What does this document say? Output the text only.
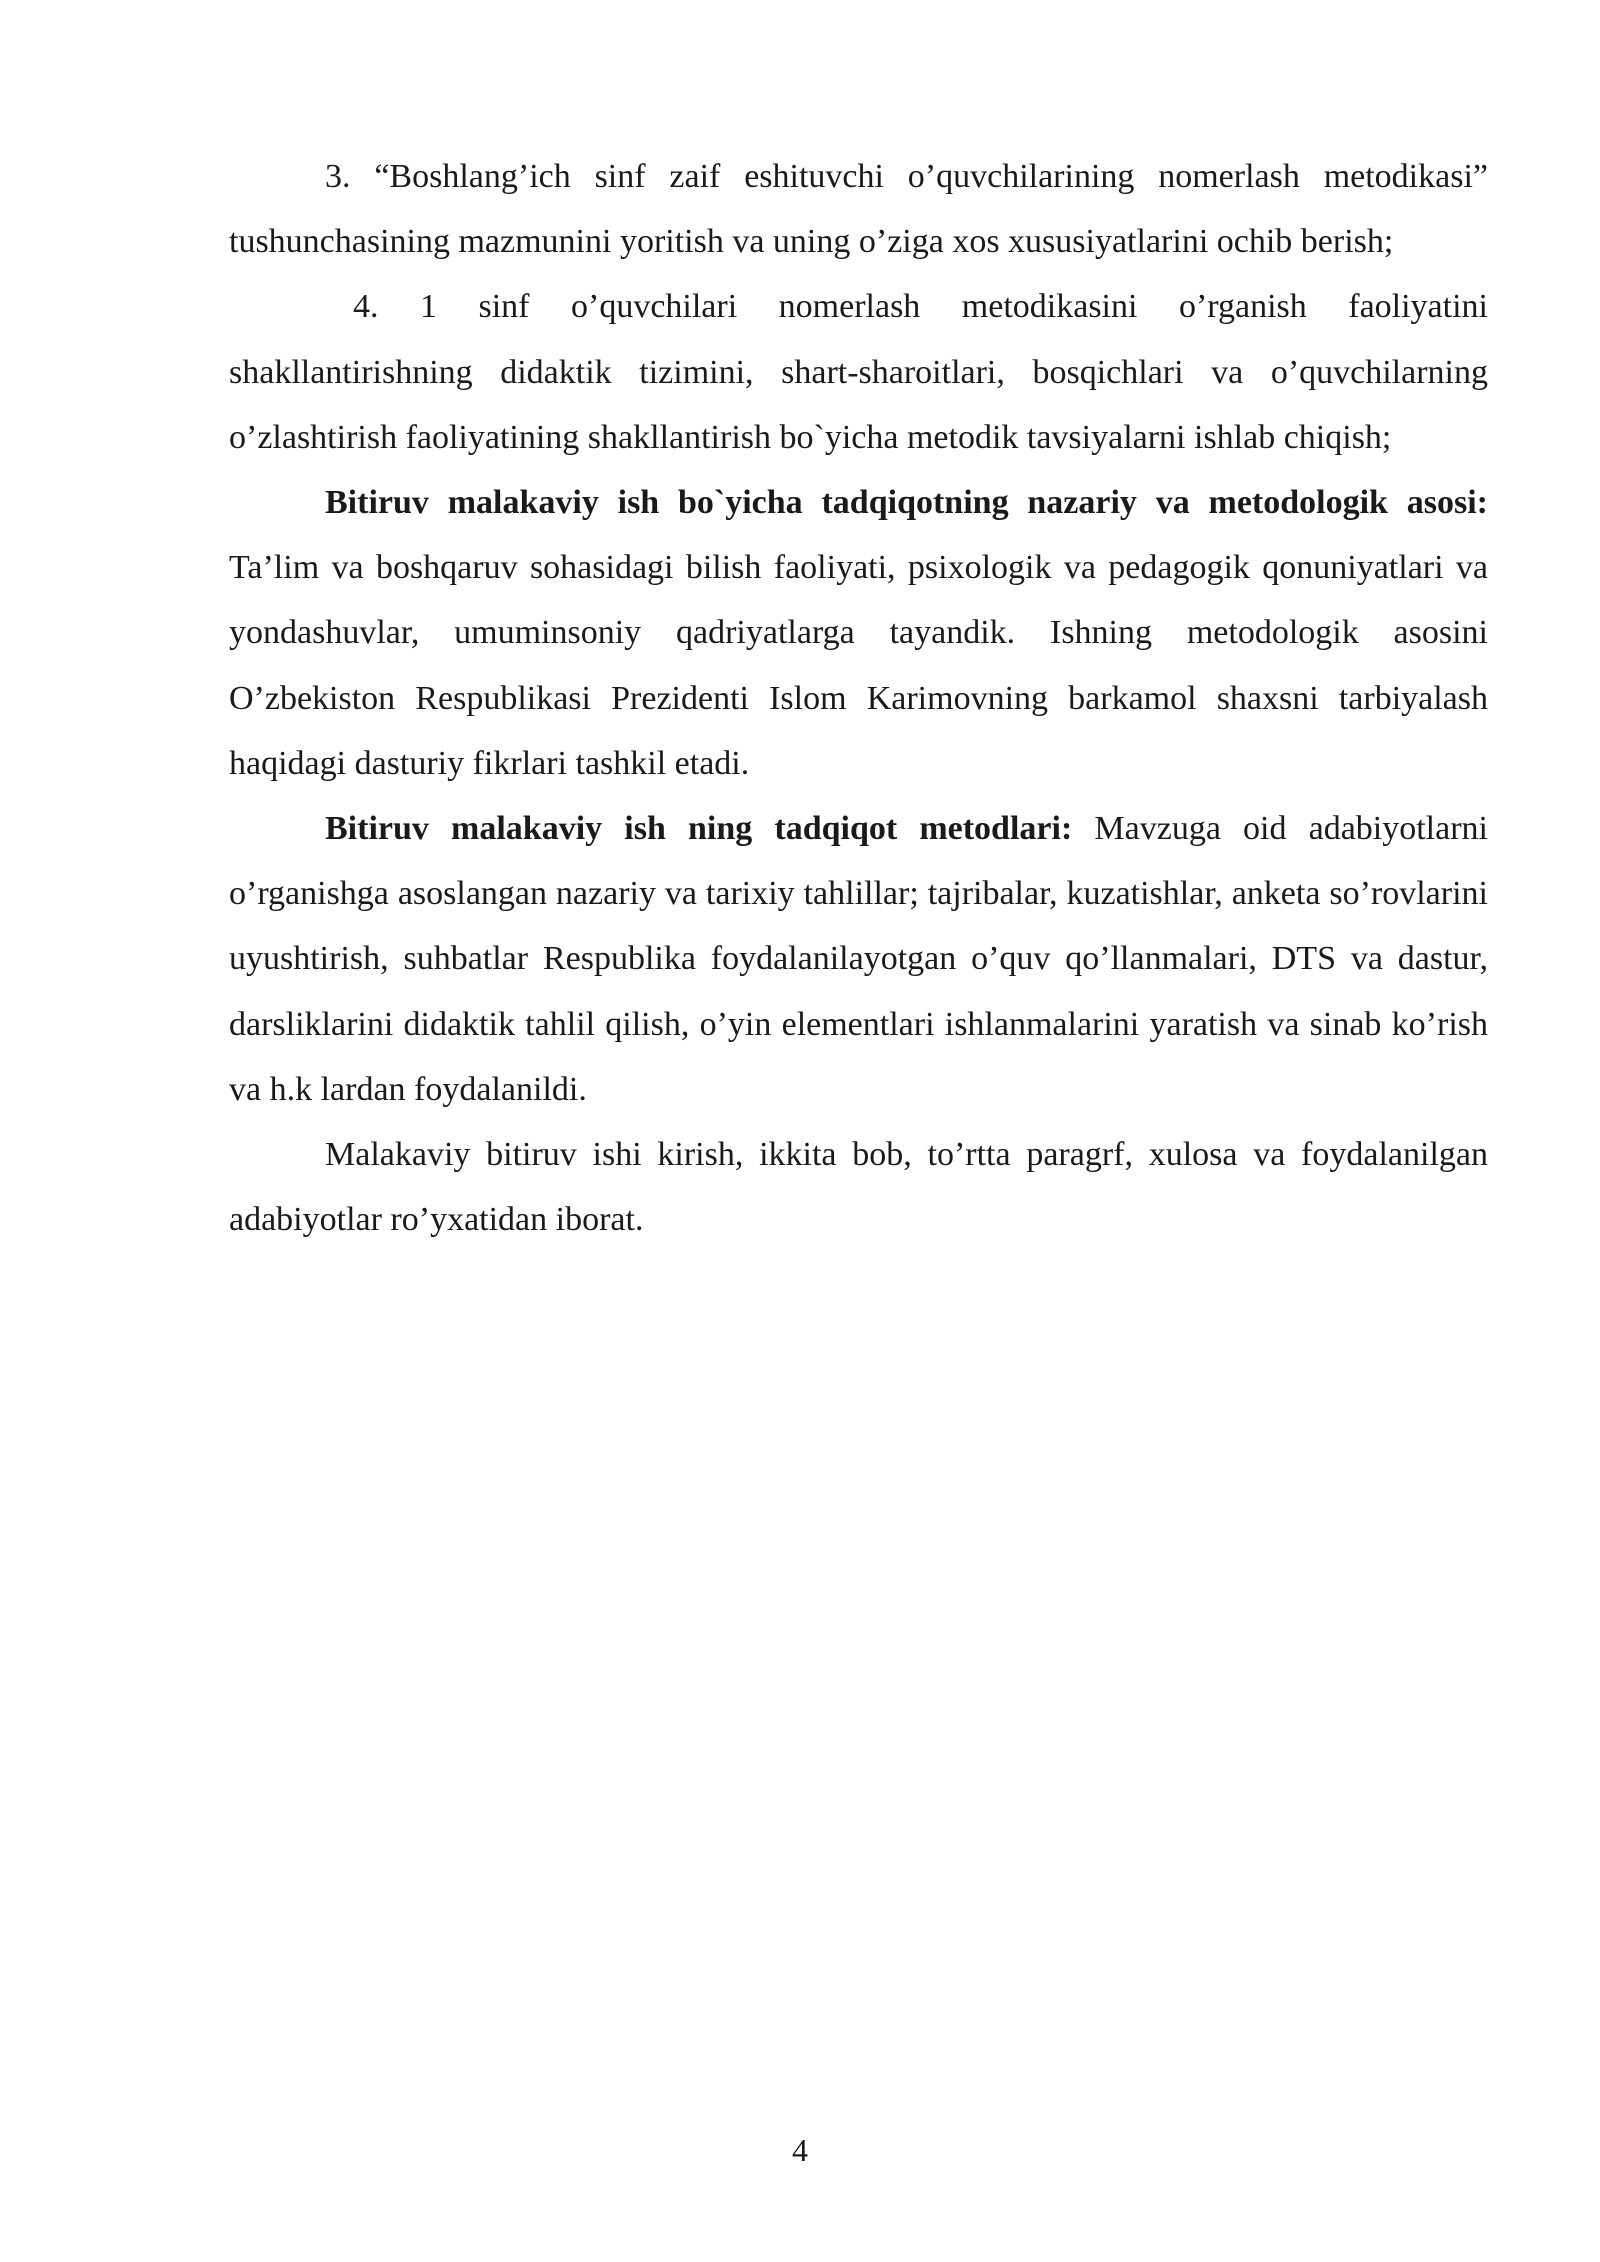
3. “Boshlang’ich sinf zaif eshituvchi o’quvchilarining nomerlash metodikasi” tushunchasining mazmunini yoritish va uning o’ziga xos xususiyatlarini ochib berish;

4. 1 sinf o’quvchilari nomerlash metodikasini o’rganish faoliyatini shakllantirishning didaktik tizimini, shart-sharoitlari, bosqichlari va o’quvchilarning o’zlashtirish faoliyatining shakllantirish bo`yicha metodik tavsiyalarni ishlab chiqish;

Bitiruv malakaviy ish bo`yicha tadqiqotning nazariy va metodologik asosi: Ta’lim va boshqaruv sohasidagi bilish faoliyati, psixologik va pedagogik qonuniyatlari va yondashuvlar, umuminsoniy qadriyatlarga tayandik. Ishning metodologik asosini O’zbekiston Respublikasi Prezidenti Islom Karimovning barkamol shaxsni tarbiyalash haqidagi dasturiy fikrlari tashkil etadi.

Bitiruv malakaviy ish ning tadqiqot metodlari: Mavzuga oid adabiyotlarni o’rganishga asoslangan nazariy va tarixiy tahlillar; tajribalar, kuzatishlar, anketa so’rovlarini uyushtirish, suhbatlar Respublika foydalanilayotgan o’quv qo’llanmalari, DTS va dastur, darsliklarini didaktik tahlil qilish, o’yin elementlari ishlanmalarini yaratish va sinab ko’rish va h.k lardan foydalanildi.

Malakaviy bitiruv ishi kirish, ikkita bob, to’rtta paragrf, xulosa va foydalanilgan adabiyotlar ro’yxatidan iborat.

4
